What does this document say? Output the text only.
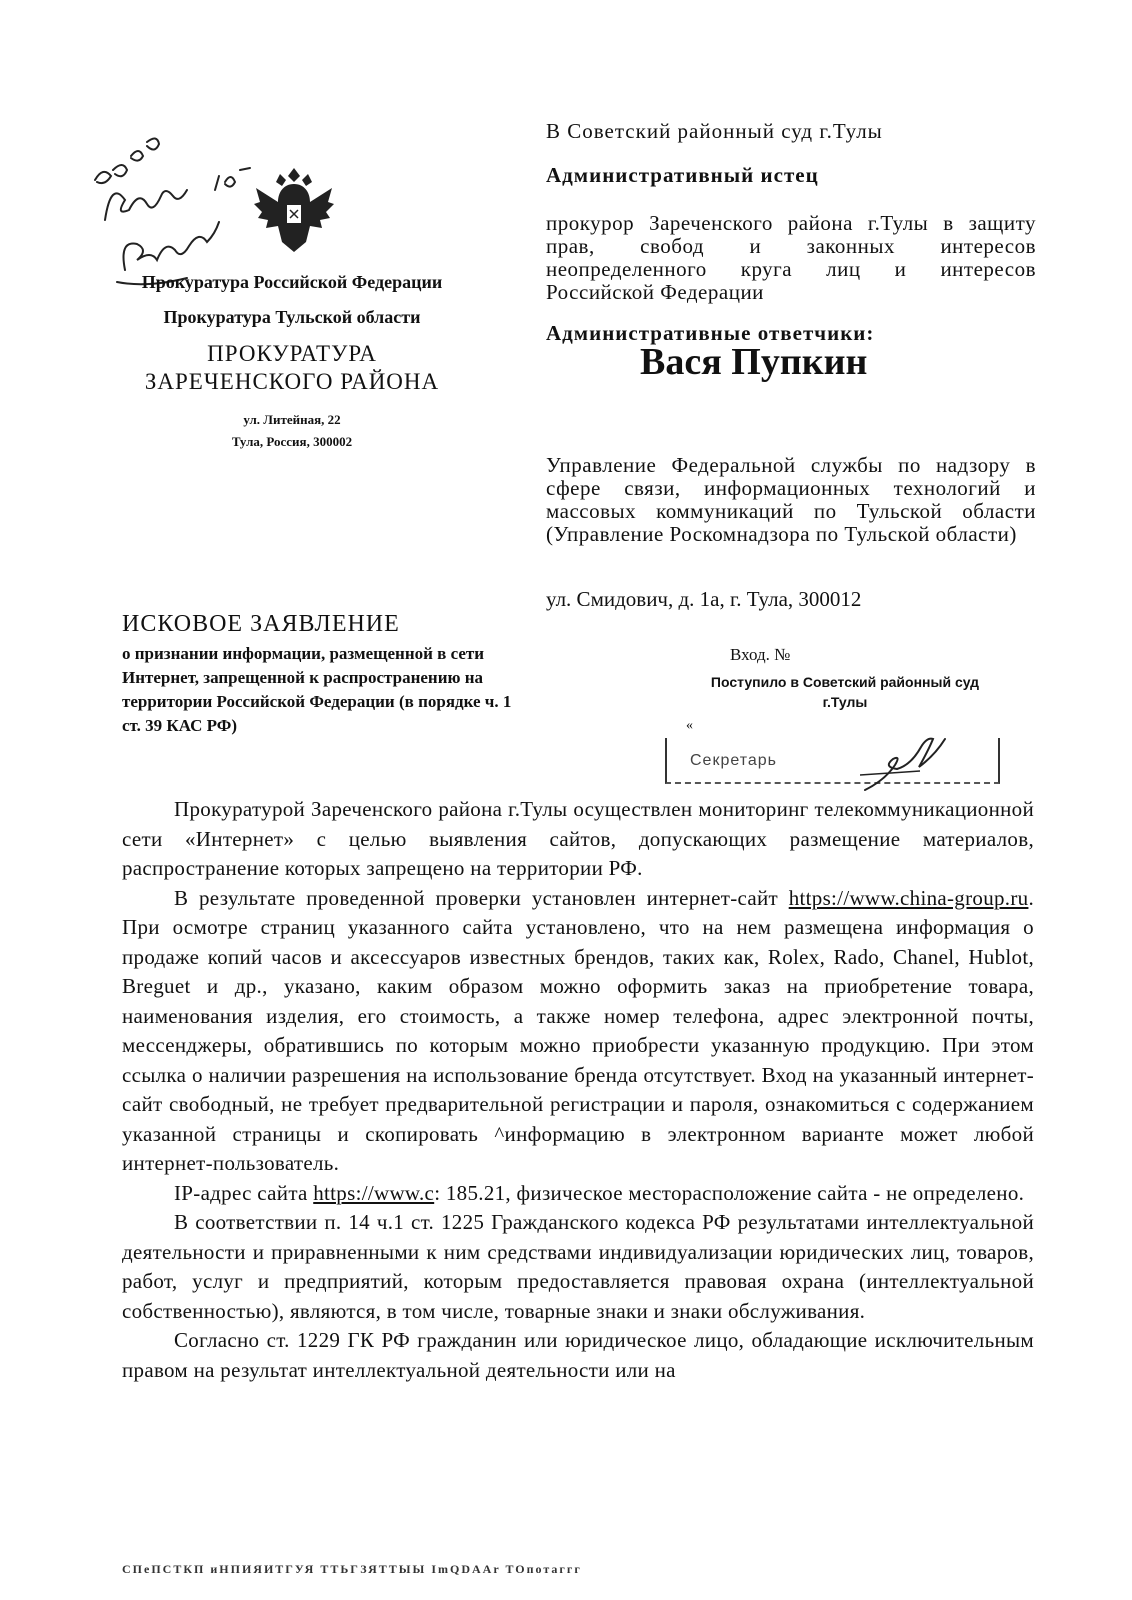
Прокуратура Российской Федерации
Прокуратура Тульской области
ПРОКУРАТУРА
ЗАРЕЧЕНСКОГО РАЙОНА
ул. Литейная, 22
Тула, Россия, 300002
В Советский районный суд г.Тулы
Административный истец
прокурор Зареченского района г.Тулы в защиту прав, свобод и законных интересов неопределенного круга лиц и интересов Российской Федерации
Административные ответчики:
Вася Пупкин
Управление Федеральной службы по надзору в сфере связи, информационных технологий и массовых коммуникаций по Тульской области (Управление Роскомнадзора по Тульской области)
ул. Смидович, д. 1а, г. Тула, 300012
ИСКОВОЕ ЗАЯВЛЕНИЕ
о признании информации, размещенной в сети Интернет, запрещенной к распространению на территории Российской Федерации (в порядке ч. 1 ст. 39 КАС РФ)
Вход. №
Поступило в Советский районный суд
г.Тулы
«
Секретарь

Прокуратурой Зареченского района г.Тулы осуществлен мониторинг телекоммуникационной сети «Интернет» с целью выявления сайтов, допускающих размещение материалов, распространение которых запрещено на территории РФ.

В результате проведенной проверки установлен интернет-сайт https://www.china-group.ru. При осмотре страниц указанного сайта установлено, что на нем размещена информация о продаже копий часов и аксессуаров известных брендов, таких как, Rolex, Rado, Chanel, Hublot, Breguet и др., указано, каким образом можно оформить заказ на приобретение товара, наименования изделия, его стоимость, а также номер телефона, адрес электронной почты, мессенджеры, обратившись по которым можно приобрести указанную продукцию. При этом ссылка о наличии разрешения на использование бренда отсутствует. Вход на указанный интернет-сайт свободный, не требует предварительной регистрации и пароля, ознакомиться с содержанием указанной страницы и скопировать ^информацию в электронном варианте может любой интернет-пользователь.

IP-адрес сайта https://www.c: 185.21, физическое месторасположение сайта - не определено.

В соответствии п. 14 ч.1 ст. 1225 Гражданского кодекса РФ результатами интеллектуальной деятельности и приравненными к ним средствами индивидуализации юридических лиц, товаров, работ, услуг и предприятий, которым предоставляется правовая охрана (интеллектуальной собственностью), являются, в том числе, товарные знаки и знаки обслуживания.

Согласно ст. 1229 ГК РФ гражданин или юридическое лицо, обладающие исключительным правом на результат интеллектуальной деятельности или на

СПеПСТКП иНПИЯИТГУЯ ТТЬГЗЯТТЫЫ ImQDAAr ТОпотаггг
